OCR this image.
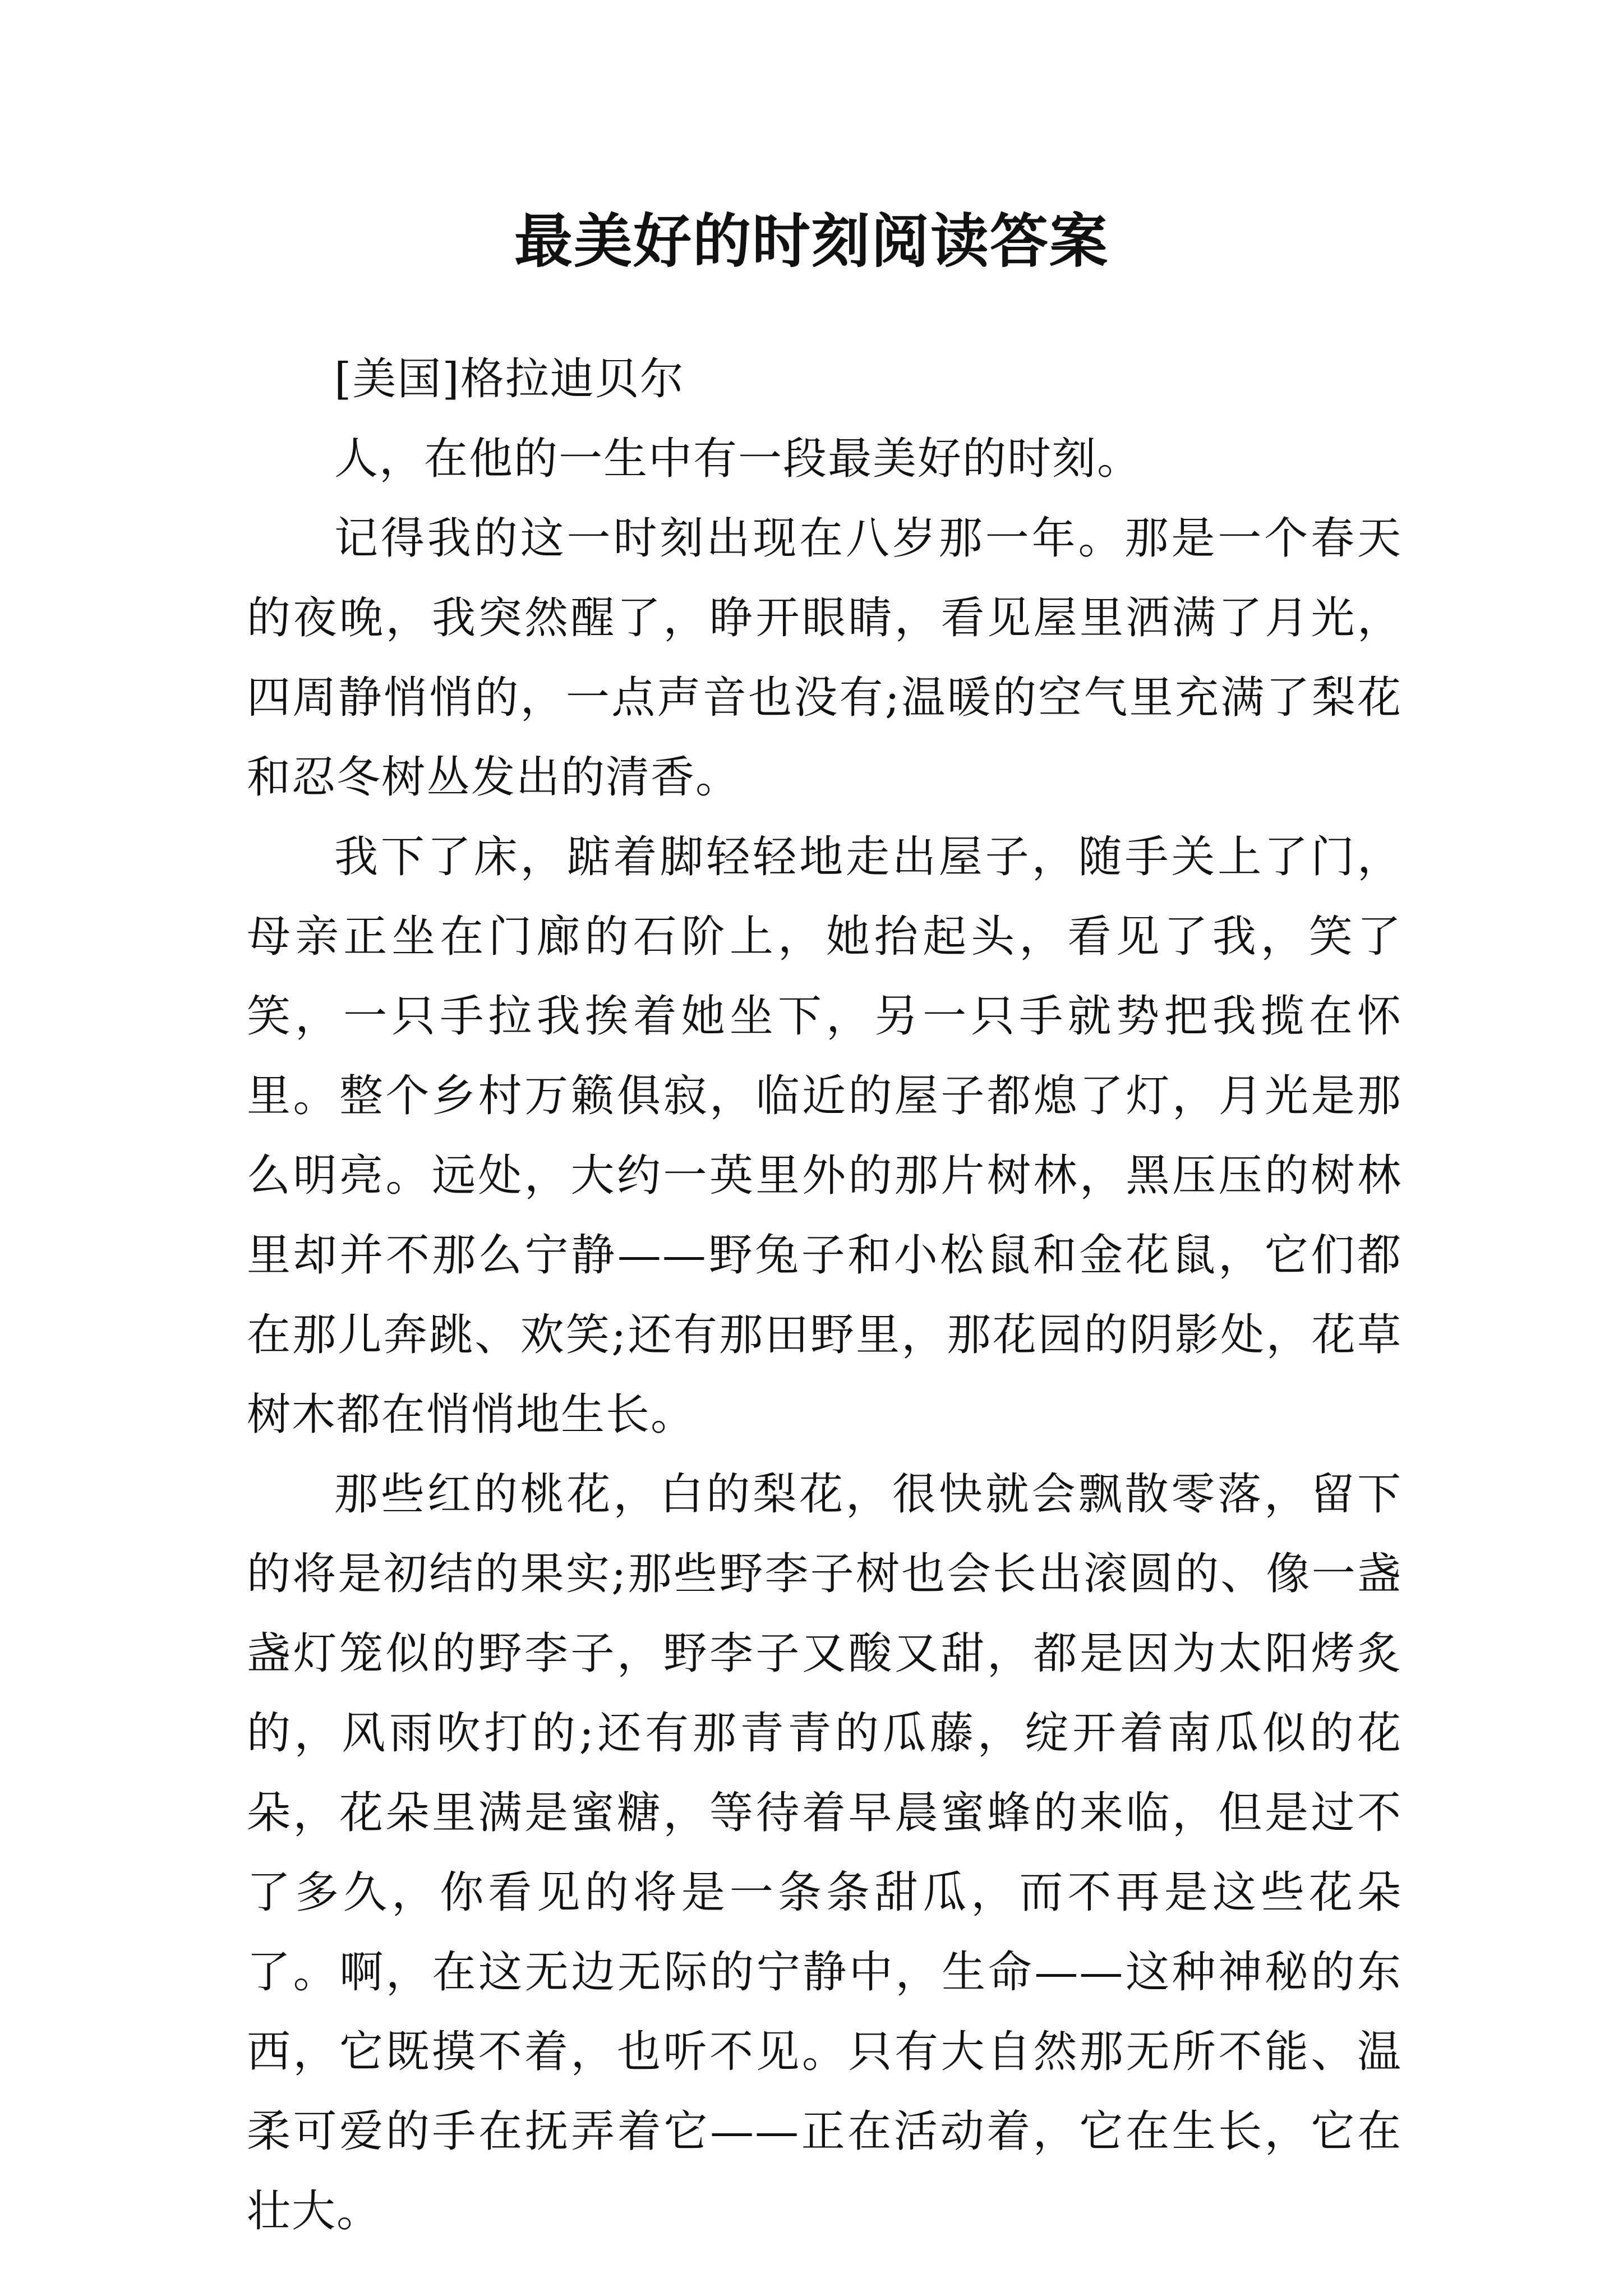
最美好的时刻阅读答案

[美国]格拉迪贝尔

人，在他的一生中有一段最美好的时刻。

记得我的这一时刻出现在八岁那一年。那是一个春天的夜晚，我突然醒了，睁开眼睛，看见屋里洒满了月光，四周静悄悄的，一点声音也没有;温暖的空气里充满了梨花和忍冬树丛发出的清香。

我下了床，踮着脚轻轻地走出屋子，随手关上了门，母亲正坐在门廊的石阶上，她抬起头，看见了我，笑了笑，一只手拉我挨着她坐下，另一只手就势把我揽在怀里。整个乡村万籁俱寂，临近的屋子都熄了灯，月光是那么明亮。远处，大约一英里外的那片树林，黑压压的树林里却并不那么宁静——野兔子和小松鼠和金花鼠，它们都在那儿奔跳、欢笑;还有那田野里，那花园的阴影处，花草树木都在悄悄地生长。

那些红的桃花，白的梨花，很快就会飘散零落，留下的将是初结的果实;那些野李子树也会长出滚圆的、像一盏盏灯笼似的野李子，野李子又酸又甜，都是因为太阳烤炙的，风雨吹打的;还有那青青的瓜藤，绽开着南瓜似的花朵，花朵里满是蜜糖，等待着早晨蜜蜂的来临，但是过不了多久，你看见的将是一条条甜瓜，而不再是这些花朵了。啊，在这无边无际的宁静中，生命——这种神秘的东西，它既摸不着，也听不见。只有大自然那无所不能、温柔可爱的手在抚弄着它——正在活动着，它在生长，它在壮大。
